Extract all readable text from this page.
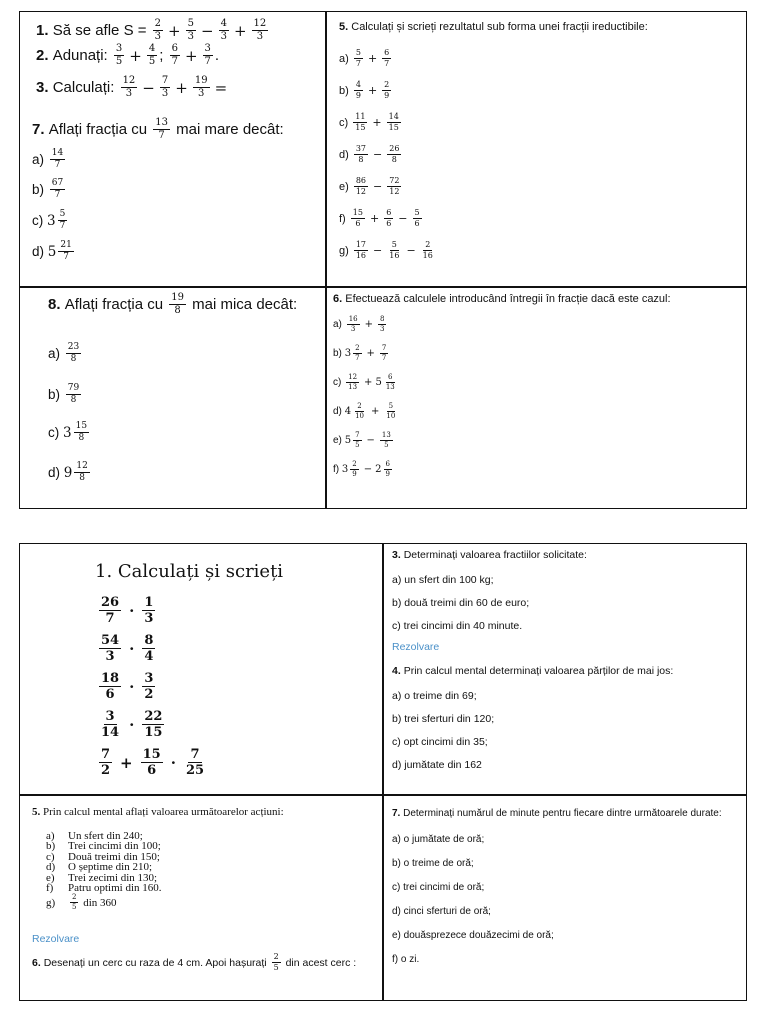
1.
Să se afle S =
$\frac{2}{3} + \frac{5}{3} - \frac{4}{3} + \frac{12}{3}$
2.
Adunați:
$\frac{3}{5} + \frac{4}{5}$ ; $\frac{6}{7} + \frac{3}{7}$ .
3.
Calculați:
$\frac{12}{3} - \frac{7}{3} + \frac{19}{3}$ =
7.
Aflați fracția cu
$\frac{13}{7}$
mai mare decât:
a)
$\frac{14}{7}$
b)
$\frac{67}{7}$
c)
$3 \frac{5}{7}$
d)
$5 \frac{21}{7}$
8.
Aflați fracția cu
$\frac{19}{8}$
mai mica decât:
a)
$\frac{23}{8}$
b)
$\frac{79}{8}$
c)
$3 \frac{15}{8}$
d)
$9 \frac{12}{8}$
5.
Calculați și scrieți rezultatul sub forma unei fracții ireductibile:
a)
$\frac{5}{7} + \frac{6}{7}$
b)
$\frac{4}{9} + \frac{2}{9}$
c)
$\frac{11}{15} + \frac{14}{15}$
d)
$\frac{37}{8} - \frac{26}{8}$
e)
$\frac{86}{12} - \frac{72}{12}$
f)
$\frac{15}{6} + \frac{6}{6} - \frac{5}{6}$
g)
$\frac{17}{16} - \frac{5}{16} - \frac{2}{16}$
6.
Efectuează calculele introducând întregii în fracție dacă este cazul:
a)
$\frac{16}{3} + \frac{8}{3}$
b)
$3 \frac{2}{7} + \frac{7}{7}$
c)
$\frac{12}{13} + 5 \frac{6}{13}$
d)
$4 \frac{2}{10} + \frac{5}{10}$
e)
$5 \frac{7}{5} - \frac{13}{5}$
f)
$3 \frac{2}{9} - 2 \frac{6}{9}$
1. Calculați și scrieți
$\frac{26}{7} \cdot \frac{1}{3}$
$\frac{54}{3} \cdot \frac{8}{4}$
$\frac{18}{6} \cdot \frac{3}{2}$
$\frac{3}{14} \cdot \frac{22}{15}$
$\frac{7}{2} + \frac{15}{6} \cdot \frac{7}{25}$
3.
Determinați valoarea fractiilor solicitate:
a) un sfert din 100 kg;
b) două treimi din 60 de euro;
c) trei cincimi din 40 minute.
Rezolvare
4.
Prin calcul mental determinați valoarea părților de mai jos:
a) o treime din 69;
b) trei sferturi din 120;
c) opt cincimi din 35;
d) jumătate din 162
5.
Prin calcul mental aflați valoarea următoarelor acțiuni:
a)	Un sfert din 240;
b)	Trei cincimi din 100;
c)	Două treimi din 150;
d)	O șeptime din 210;
e)	Trei zecimi din 130;
f)	Patru optimi din 160.
g)	$\frac{2}{5}$
din 360
Rezolvare
6.
Desenați un cerc cu raza de 4 cm. Apoi hașurați
$\frac{2}{5}$
din acest cerc :
7.
Determinați numărul de minute pentru fiecare dintre următoarele durate:
a) o jumătate de oră;
b) o treime de oră;
c) trei cincimi de oră;
d) cinci sferturi de oră;
e) douăsprezece douăzecimi de oră;
f) o zi.
